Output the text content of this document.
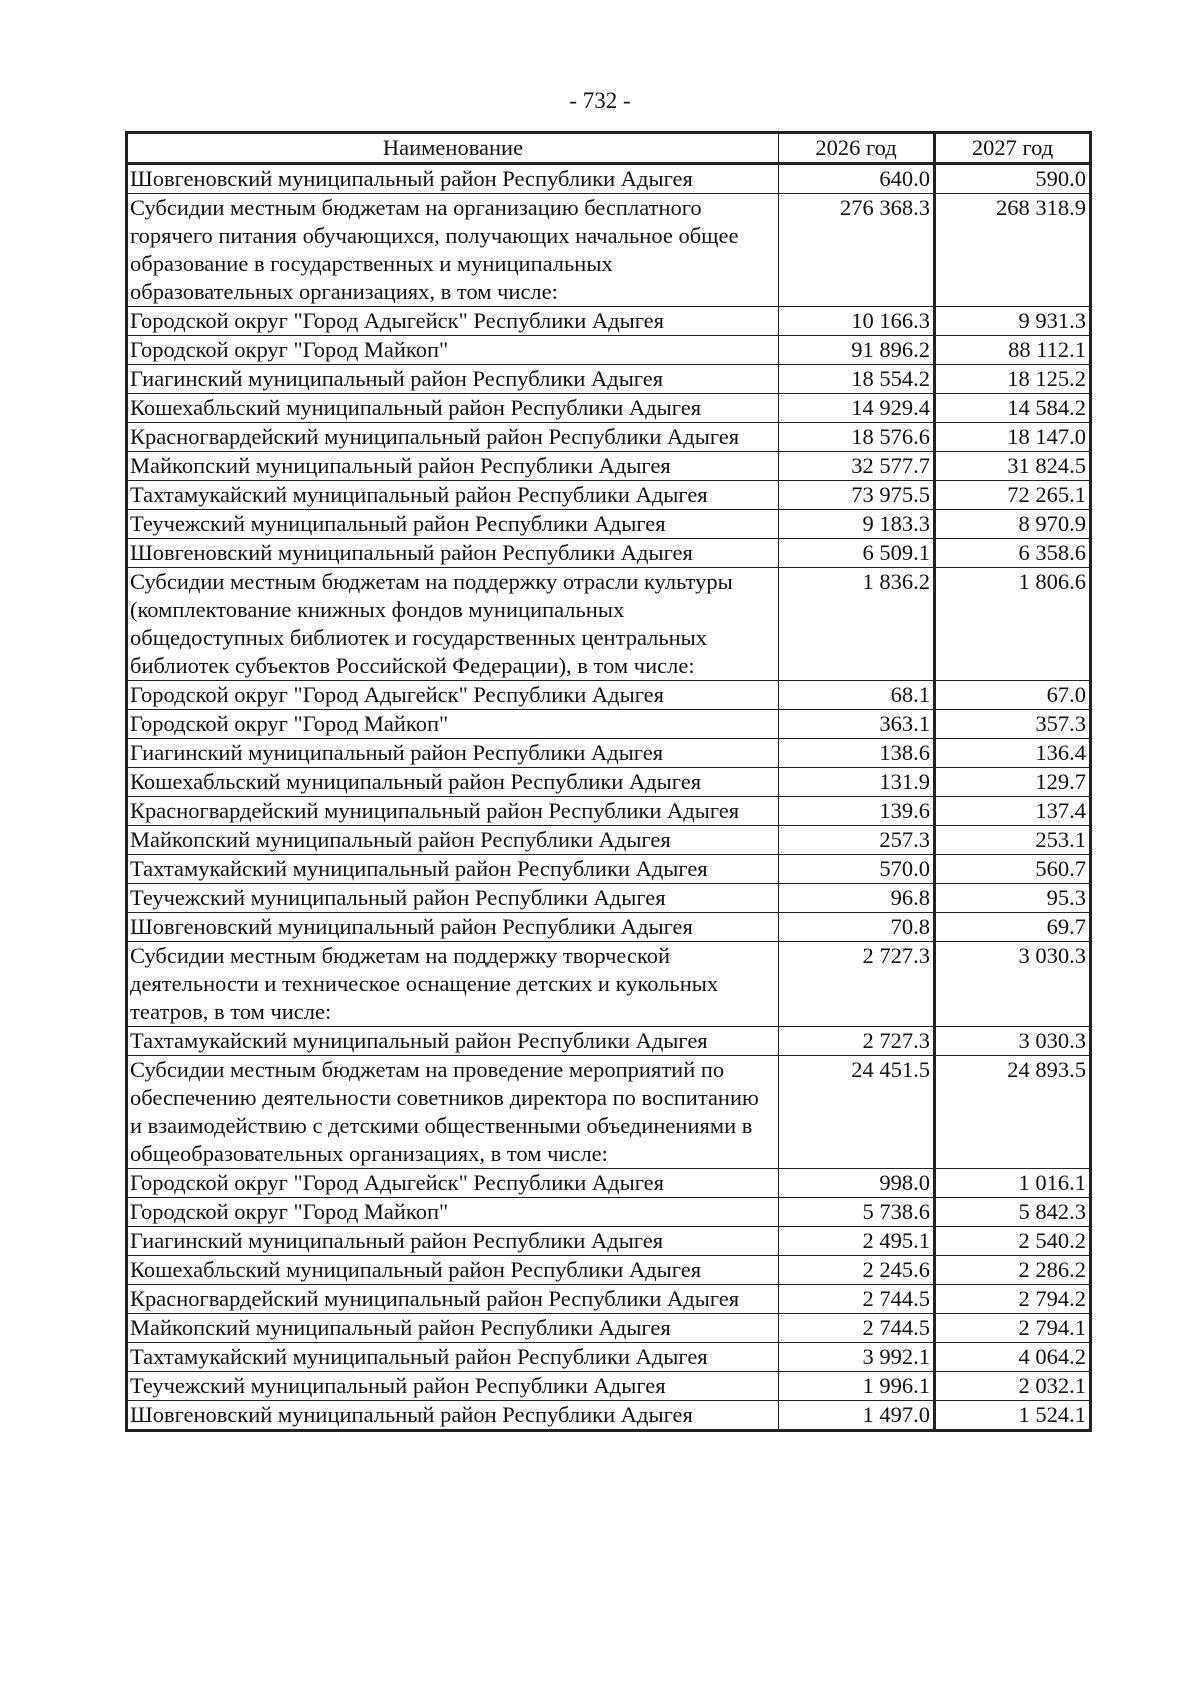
- 732 -
Наименование	2026 год	2027 год
Шовгеновский муниципальный район Республики Адыгея	640.0	590.0
Субсидии местным бюджетам на организацию бесплатного горячего питания обучающихся, получающих начальное общее образование в государственных и муниципальных образовательных организациях, в том числе:	276 368.3	268 318.9
Городской округ "Город Адыгейск" Республики Адыгея	10 166.3	9 931.3
Городской округ "Город Майкоп"	91 896.2	88 112.1
Гиагинский муниципальный район Республики Адыгея	18 554.2	18 125.2
Кошехабльский муниципальный район Республики Адыгея	14 929.4	14 584.2
Красногвардейский муниципальный район Республики Адыгея	18 576.6	18 147.0
Майкопский муниципальный район Республики Адыгея	32 577.7	31 824.5
Тахтамукайский муниципальный район Республики Адыгея	73 975.5	72 265.1
Теучежский муниципальный район Республики Адыгея	9 183.3	8 970.9
Шовгеновский муниципальный район Республики Адыгея	6 509.1	6 358.6
Субсидии местным бюджетам на поддержку отрасли культуры (комплектование книжных фондов муниципальных общедоступных библиотек и государственных центральных библиотек субъектов Российской Федерации), в том числе:	1 836.2	1 806.6
Городской округ "Город Адыгейск" Республики Адыгея	68.1	67.0
Городской округ "Город Майкоп"	363.1	357.3
Гиагинский муниципальный район Республики Адыгея	138.6	136.4
Кошехабльский муниципальный район Республики Адыгея	131.9	129.7
Красногвардейский муниципальный район Республики Адыгея	139.6	137.4
Майкопский муниципальный район Республики Адыгея	257.3	253.1
Тахтамукайский муниципальный район Республики Адыгея	570.0	560.7
Теучежский муниципальный район Республики Адыгея	96.8	95.3
Шовгеновский муниципальный район Республики Адыгея	70.8	69.7
Субсидии местным бюджетам на поддержку творческой деятельности и техническое оснащение детских и кукольных театров, в том числе:	2 727.3	3 030.3
Тахтамукайский муниципальный район Республики Адыгея	2 727.3	3 030.3
Субсидии местным бюджетам на проведение мероприятий по обеспечению деятельности советников директора по воспитанию и взаимодействию с детскими общественными объединениями в общеобразовательных организациях, в том числе:	24 451.5	24 893.5
Городской округ "Город Адыгейск" Республики Адыгея	998.0	1 016.1
Городской округ "Город Майкоп"	5 738.6	5 842.3
Гиагинский муниципальный район Республики Адыгея	2 495.1	2 540.2
Кошехабльский муниципальный район Республики Адыгея	2 245.6	2 286.2
Красногвардейский муниципальный район Республики Адыгея	2 744.5	2 794.2
Майкопский муниципальный район Республики Адыгея	2 744.5	2 794.1
Тахтамукайский муниципальный район Республики Адыгея	3 992.1	4 064.2
Теучежский муниципальный район Республики Адыгея	1 996.1	2 032.1
Шовгеновский муниципальный район Республики Адыгея	1 497.0	1 524.1
